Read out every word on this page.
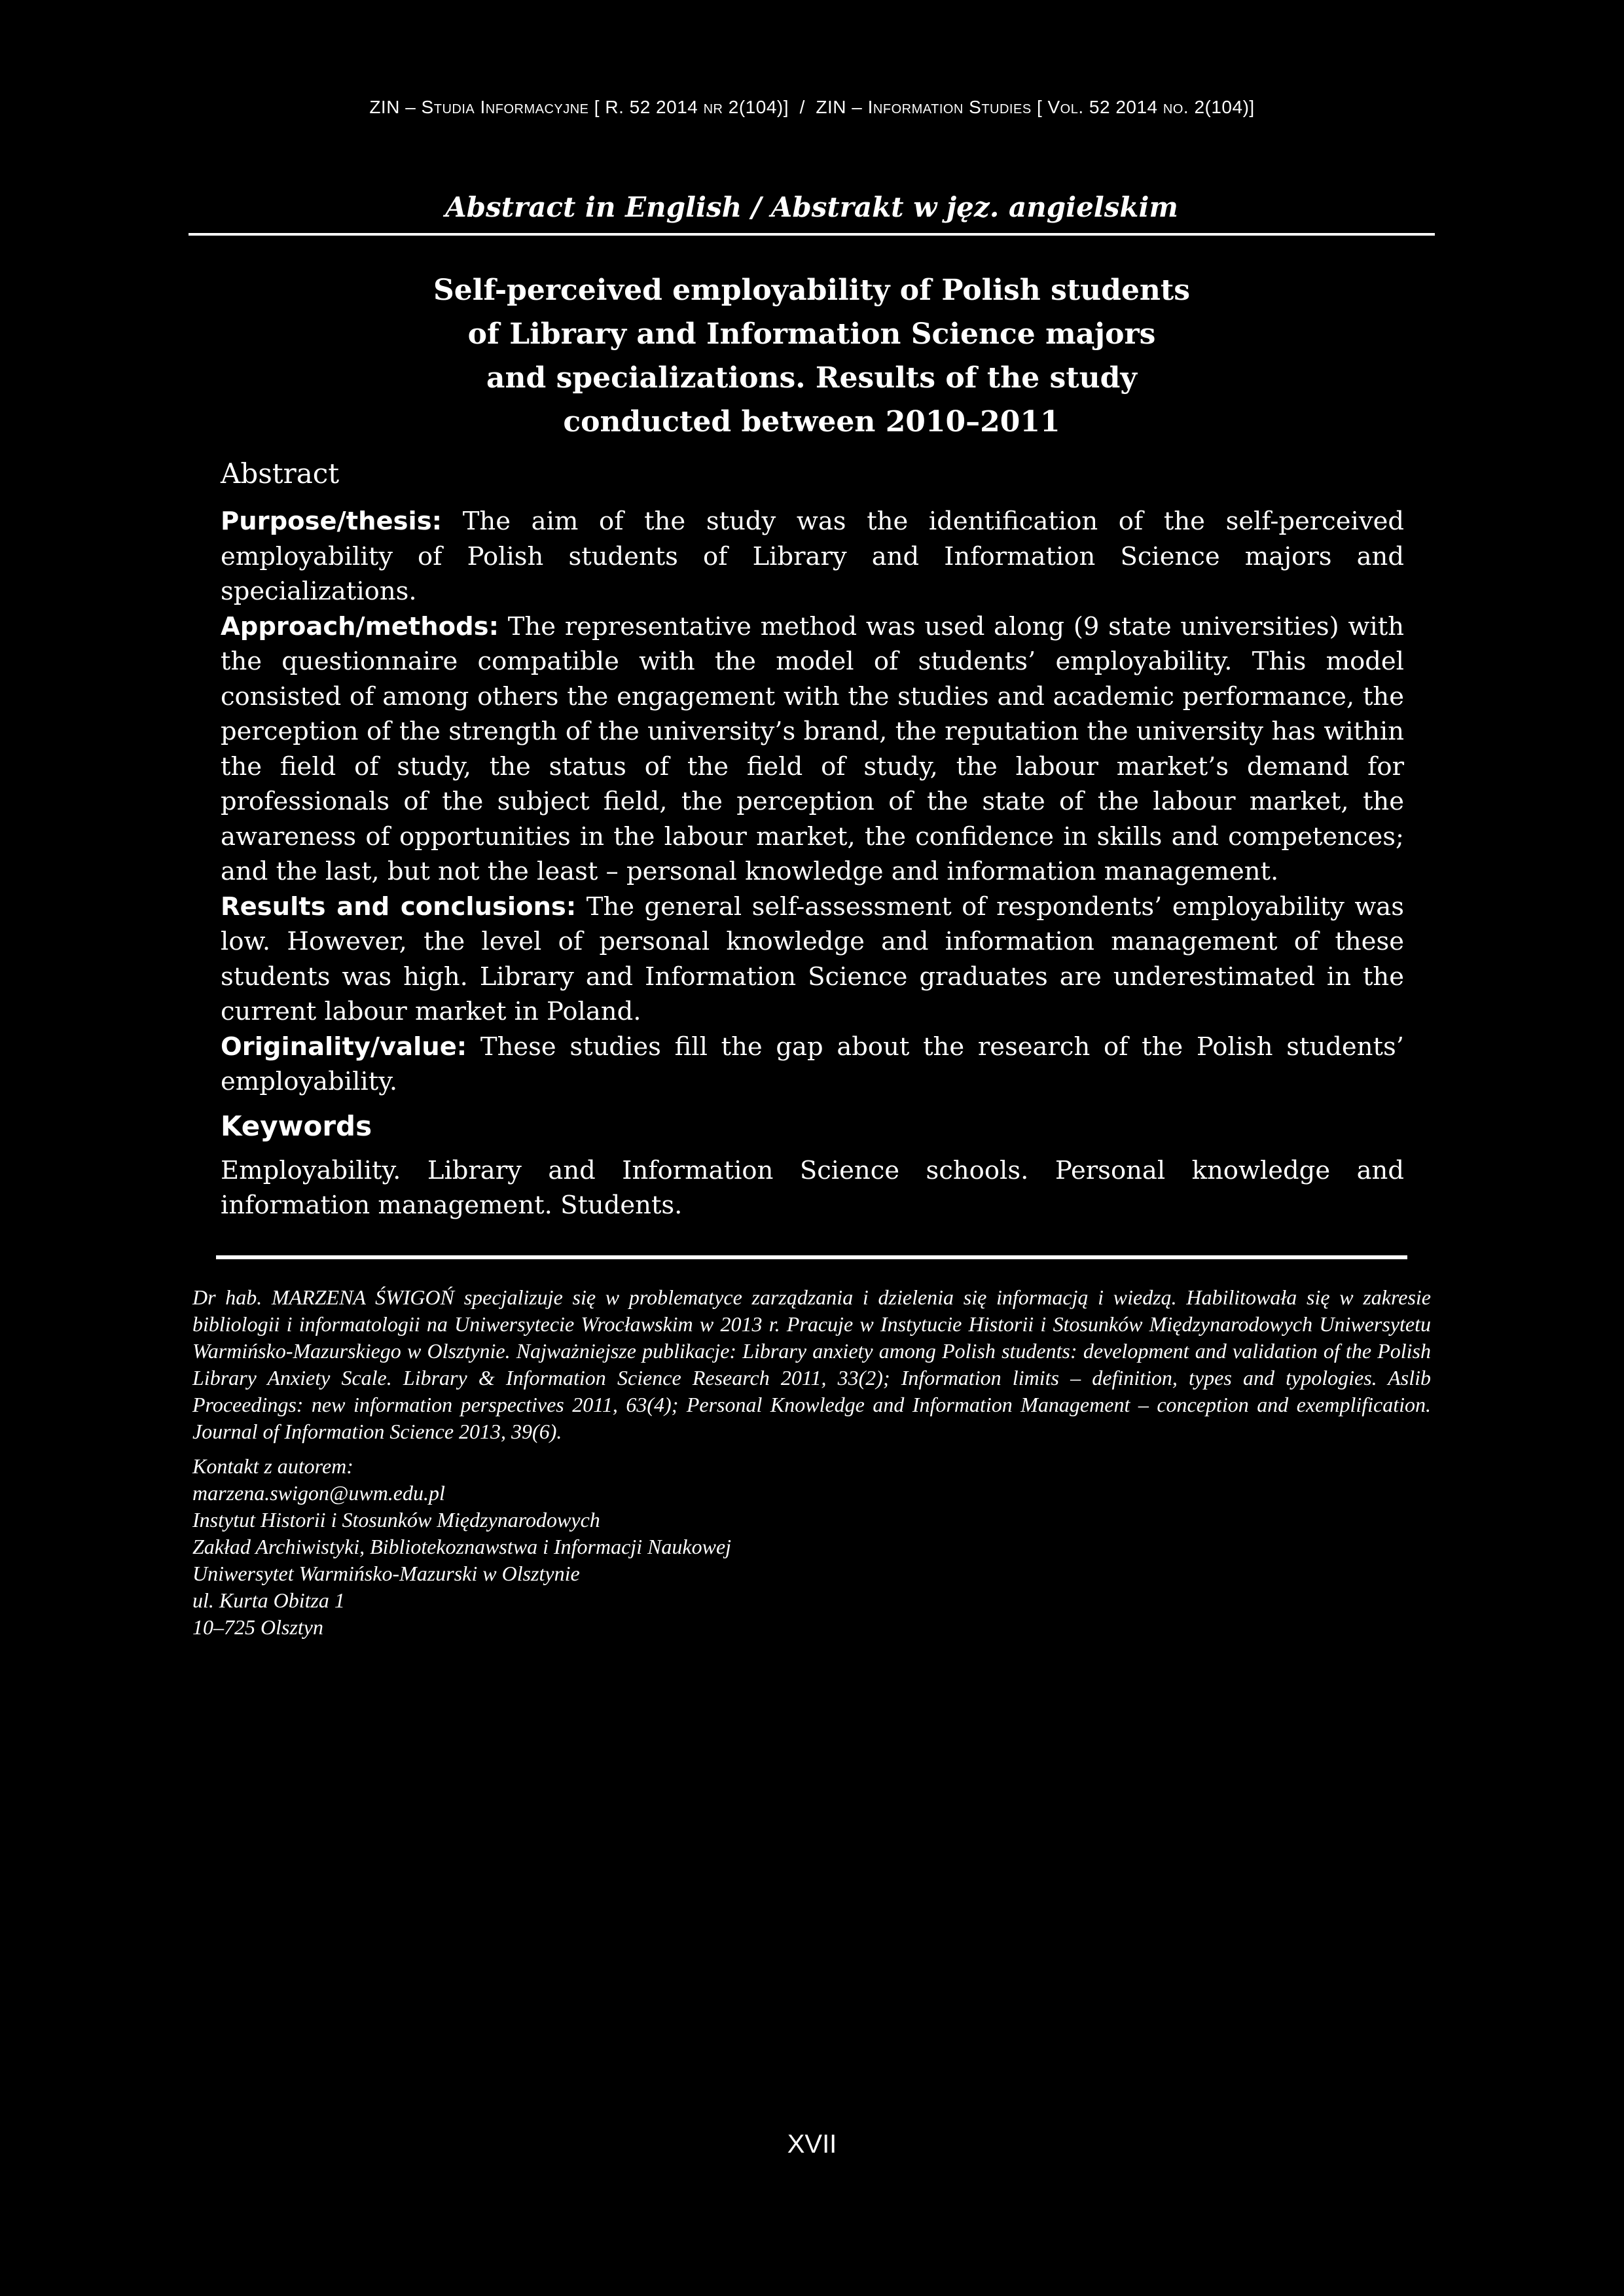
ZIN – Studia Informacyjne [ R. 52 2014 nr 2(104)] / ZIN – Information Studies [ Vol. 52 2014 no. 2(104)]
Abstract in English / Abstrakt w jęz. angielskim
Self-perceived employability of Polish students
of Library and Information Science majors
and specializations. Results of the study
conducted between 2010–2011
Abstract

Purpose/thesis: The aim of the study was the identification of the self-perceived employability of Polish students of Library and Information Science majors and specializations.

Approach/methods: The representative method was used along (9 state universities) with the questionnaire compatible with the model of students’ employability. This model consisted of among others the engagement with the studies and academic performance, the perception of the strength of the university’s brand, the reputation the university has within the field of study, the status of the field of study, the labour market’s demand for professionals of the subject field, the perception of the state of the labour market, the awareness of opportunities in the labour market, the confidence in skills and competences; and the last, but not the least – personal knowledge and information management.

Results and conclusions: The general self-assessment of respondents’ employability was low. However, the level of personal knowledge and information management of these students was high. Library and Information Science graduates are underestimated in the current labour market in Poland.

Originality/value: These studies fill the gap about the research of the Polish students’ employability.

Keywords

Employability. Library and Information Science schools. Personal knowledge and information management. Students.

Dr hab. MARZENA ŚWIGOŃ specjalizuje się w problematyce zarządzania i dzielenia się informacją i wiedzą. Habilitowała się w zakresie bibliologii i informatologii na Uniwersytecie Wrocławskim w 2013 r. Pracuje w Instytucie Historii i Stosunków Międzynarodowych Uniwersytetu Warmińsko-Mazurskiego w Olsztynie. Najważniejsze publikacje: Library anxiety among Polish students: development and validation of the Polish Library Anxiety Scale. Library & Information Science Research 2011, 33(2); Information limits – definition, types and typologies. Aslib Proceedings: new information perspectives 2011, 63(4); Personal Knowledge and Information Management – conception and exemplification. Journal of Information Science 2013, 39(6).
Kontakt z autorem:
marzena.swigon@uwm.edu.pl
Instytut Historii i Stosunków Międzynarodowych
Zakład Archiwistyki, Bibliotekoznawstwa i Informacji Naukowej
Uniwersytet Warmińsko-Mazurski w Olsztynie
ul. Kurta Obitza 1
10–725 Olsztyn
XVII
